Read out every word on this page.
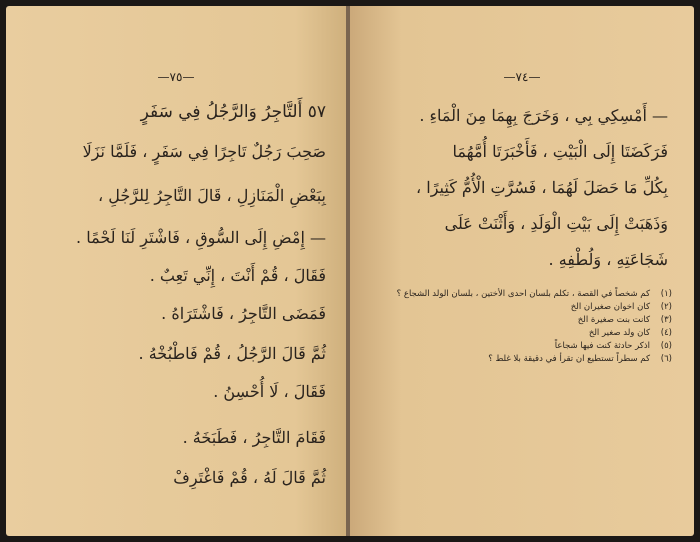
—٧٥—
٥٧ أَلتَّاجِرُ وَالرَّجُلُ فِي سَفَرٍ
صَحِبَ رَجُلٌ تَاجِرًا فِي سَفَرٍ ، فَلَمَّا نَزَلَا
بِبَعْضِ الْمَنَازِلِ ، قَالَ التَّاجِرُ لِلرَّجُلِ ،
— إِمْضِ إِلَى السُّوقِ ، فَاشْتَرِ لَنَا لَحْمًا .
فَقَالَ ، قُمْ أَنْتَ ، إِنِّي تَعِبٌ .
فَمَضَى التَّاجِرُ ، فَاشْتَرَاهُ .
ثُمَّ قَالَ الرَّجُلُ ، قُمْ فَاطْبُخْهُ .
فَقَالَ ، لَا أُحْسِنُ .
فَقَامَ التَّاجِرُ ، فَطَبَخَهُ .
ثُمَّ قَالَ لَهُ ، قُمْ فَاغْتَرِفْ
—٧٤—
— أَمْسِكِي بِي ، وَخَرَجَ بِهِمَا مِنَ الْمَاءِ .
فَرَكَضَتَا إِلَى الْبَيْتِ ، فَأَخْبَرَتَا أُمَّهُمَا
بِكُلِّ مَا حَصَلَ لَهُمَا ، فَسُرَّتِ الْأُمُّ كَثِيرًا ،
وَذَهَبَتْ إِلَى بَيْتِ الْوَلَدِ ، وَأَثْنَتْ عَلَى
شَجَاعَتِهِ ، وَلُطْفِهِ .
(١)كم شخصاً في القصة ، تكلم بلسان احدى الأختين ، بلسان الولد الشجاع ؟
(٢)كان اخوان صغيران الخ
(٣)كانت بنت صغيرة الخ
(٤)كان ولد صغير الخ
(٥)اذكر حادثة كنت فيها شجاعاً
(٦)كم سطراً تستطيع ان تقرأ في دقيقة بلا غلط ؟
